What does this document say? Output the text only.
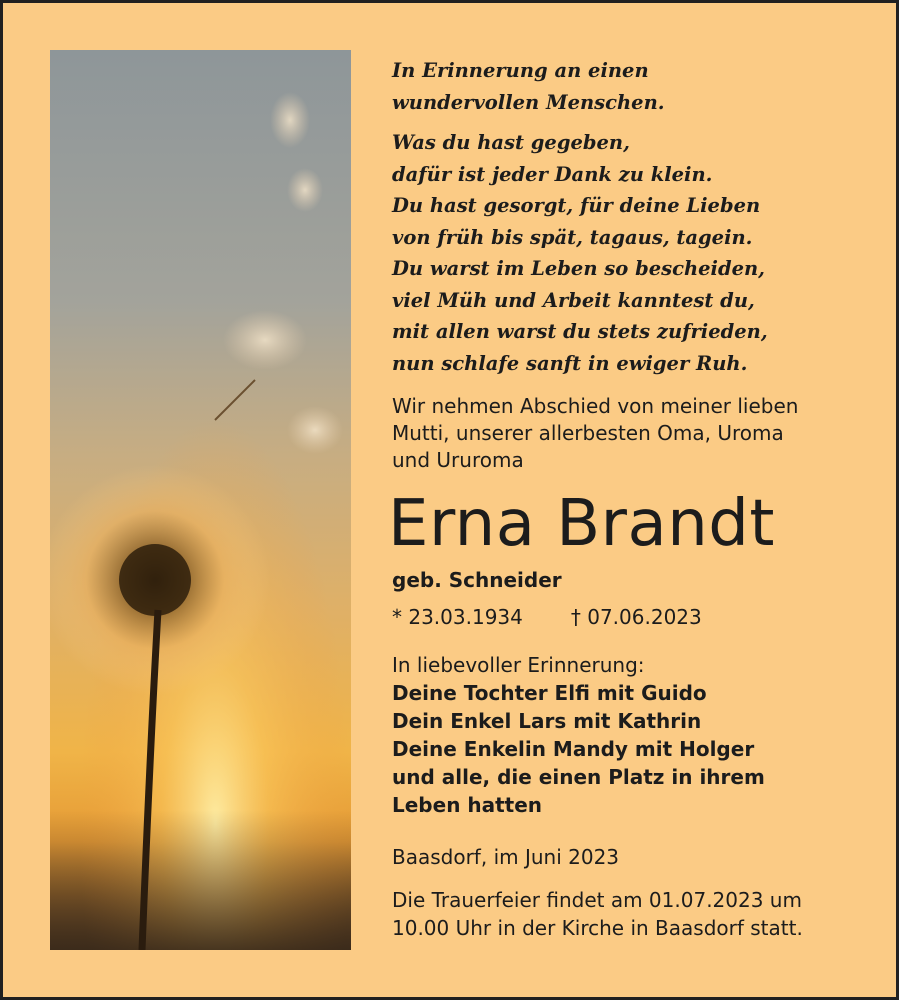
In Erinnerung an einen
wundervollen Menschen.
Was du hast gegeben,
dafür ist jeder Dank zu klein.
Du hast gesorgt, für deine Lieben
von früh bis spät, tagaus, tagein.
Du warst im Leben so bescheiden,
viel Müh und Arbeit kanntest du,
mit allen warst du stets zufrieden,
nun schlafe sanft in ewiger Ruh.
Wir nehmen Abschied von meiner lieben
Mutti, unserer allerbesten Oma, Uroma
und Ururoma
Erna Brandt
geb. Schneider
* 23.03.1934 † 07.06.2023
In liebevoller Erinnerung:
Deine Tochter Elfi mit Guido
Dein Enkel Lars mit Kathrin
Deine Enkelin Mandy mit Holger
und alle, die einen Platz in ihrem
Leben hatten
Baasdorf, im Juni 2023
Die Trauerfeier findet am 01.07.2023 um
10.00 Uhr in der Kirche in Baasdorf statt.
